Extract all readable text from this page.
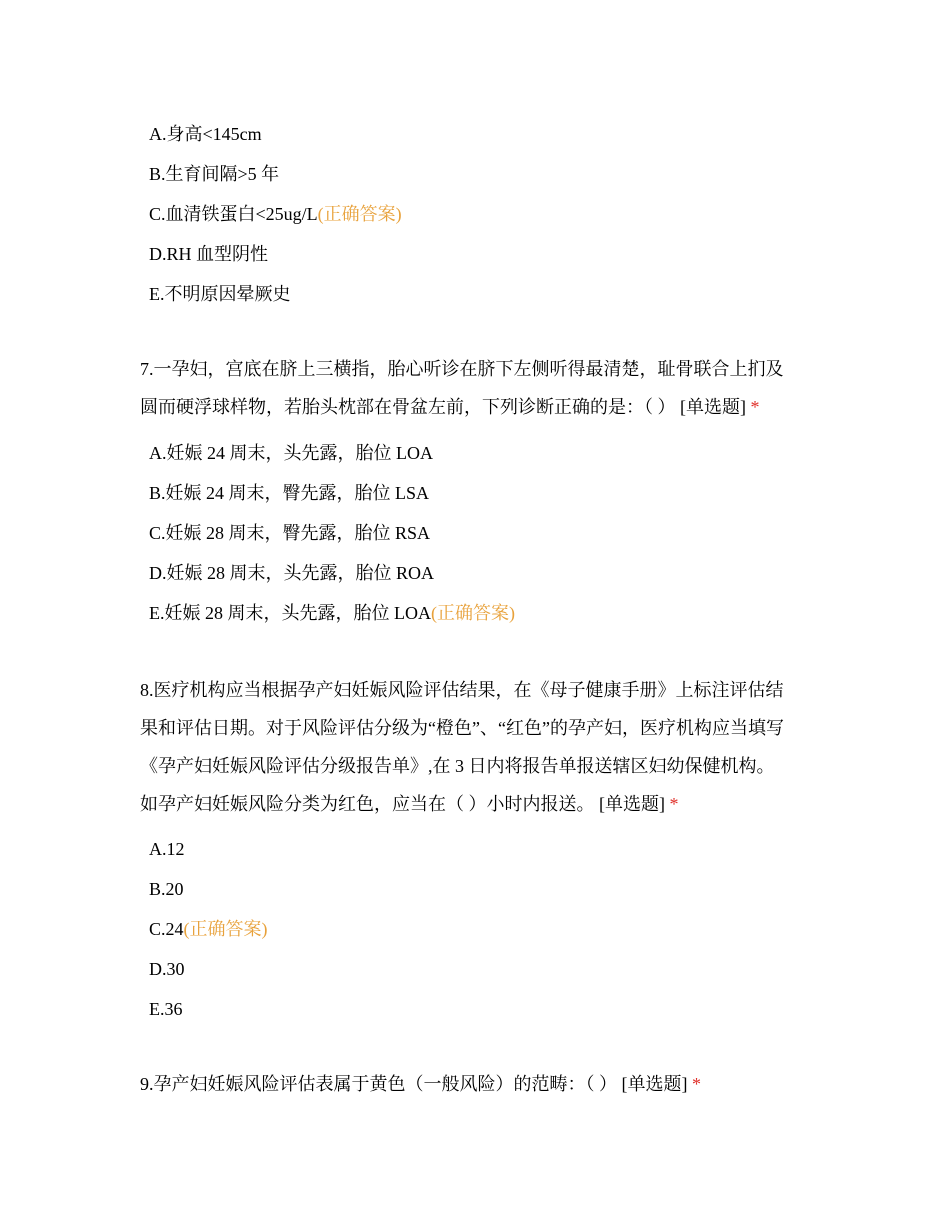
A.身高<145cm
B.生育间隔>5 年
C.血清铁蛋白<25ug/L(正确答案)
D.RH 血型阴性
E.不明原因晕厥史
7.一孕妇，宫底在脐上三横指，胎心听诊在脐下左侧听得最清楚，耻骨联合上扪及
圆而硬浮球样物，若胎头枕部在骨盆左前，下列诊断正确的是：（ ） [单选题] *
A.妊娠 24 周末，头先露，胎位 LOA
B.妊娠 24 周末，臀先露，胎位 LSA
C.妊娠 28 周末，臀先露，胎位 RSA
D.妊娠 28 周末，头先露，胎位 ROA
E.妊娠 28 周末，头先露，胎位 LOA(正确答案)
8.医疗机构应当根据孕产妇妊娠风险评估结果，在《母子健康手册》上标注评估结
果和评估日期。对于风险评估分级为“橙色”、“红色”的孕产妇，医疗机构应当填写
《孕产妇妊娠风险评估分级报告单》,在 3 日内将报告单报送辖区妇幼保健机构。
如孕产妇妊娠风险分类为红色，应当在（ ）小时内报送。 [单选题] *
A.12
B.20
C.24(正确答案)
D.30
E.36
9.孕产妇妊娠风险评估表属于黄色（一般风险）的范畴：（ ） [单选题] *
